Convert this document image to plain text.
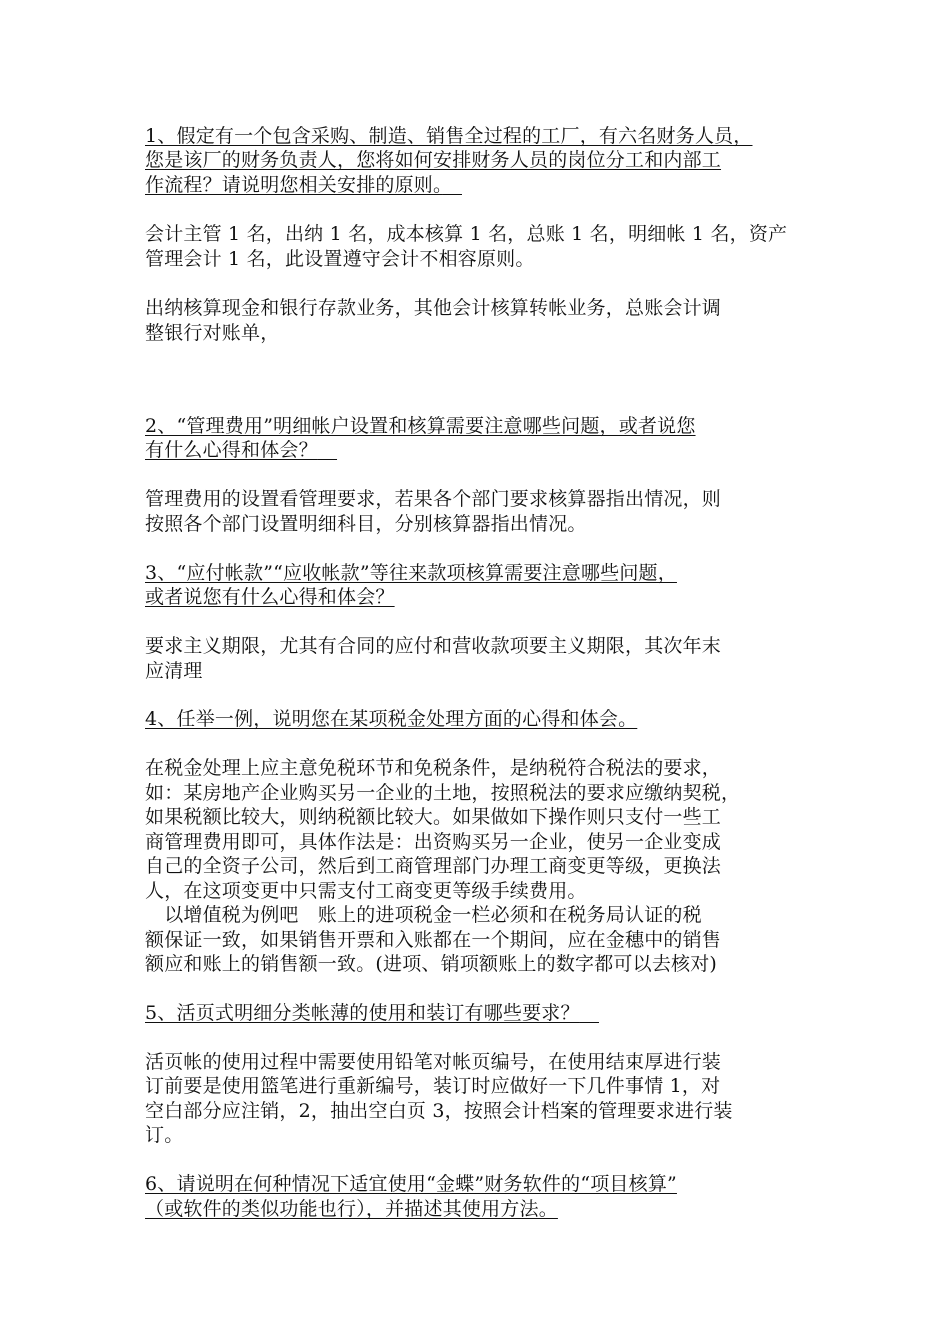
1、假定有一个包含采购、制造、销售全过程的工厂，有六名财务人员，
您是该厂的财务负责人，您将如何安排财务人员的岗位分工和内部工
作流程？请说明您相关安排的原则。
会计主管 1 名，出纳 1 名，成本核算 1 名，总账 1 名，明细帐 1 名，资产
管理会计 1 名，此设置遵守会计不相容原则。
出纳核算现金和银行存款业务，其他会计核算转帐业务，总账会计调
整银行对账单，
2、“管理费用”明细帐户设置和核算需要注意哪些问题，或者说您
有什么心得和体会？
管理费用的设置看管理要求，若果各个部门要求核算器指出情况，则
按照各个部门设置明细科目，分别核算器指出情况。
3、“应付帐款”“应收帐款”等往来款项核算需要注意哪些问题，
或者说您有什么心得和体会？
要求主义期限，尤其有合同的应付和营收款项要主义期限，其次年末
应清理
4、任举一例，说明您在某项税金处理方面的心得和体会。
在税金处理上应主意免税环节和免税条件，是纳税符合税法的要求，
如：某房地产企业购买另一企业的土地，按照税法的要求应缴纳契税，
如果税额比较大，则纳税额比较大。如果做如下操作则只支付一些工
商管理费用即可，具体作法是：出资购买另一企业，使另一企业变成
自己的全资子公司，然后到工商管理部门办理工商变更等级，更换法
人，在这项变更中只需支付工商变更等级手续费用。
　以增值税为例吧　账上的进项税金一栏必须和在税务局认证的税
额保证一致，如果销售开票和入账都在一个期间，应在金穗中的销售
额应和账上的销售额一致。(进项、销项额账上的数字都可以去核对)
5、活页式明细分类帐薄的使用和装订有哪些要求？
活页帐的使用过程中需要使用铅笔对帐页编号，在使用结束厚进行装
订前要是使用篮笔进行重新编号，装订时应做好一下几件事情 1，对
空白部分应注销，2，抽出空白页 3，按照会计档案的管理要求进行装
订。
6、请说明在何种情况下适宜使用“金蝶”财务软件的“项目核算”
（或软件的类似功能也行），并描述其使用方法。
